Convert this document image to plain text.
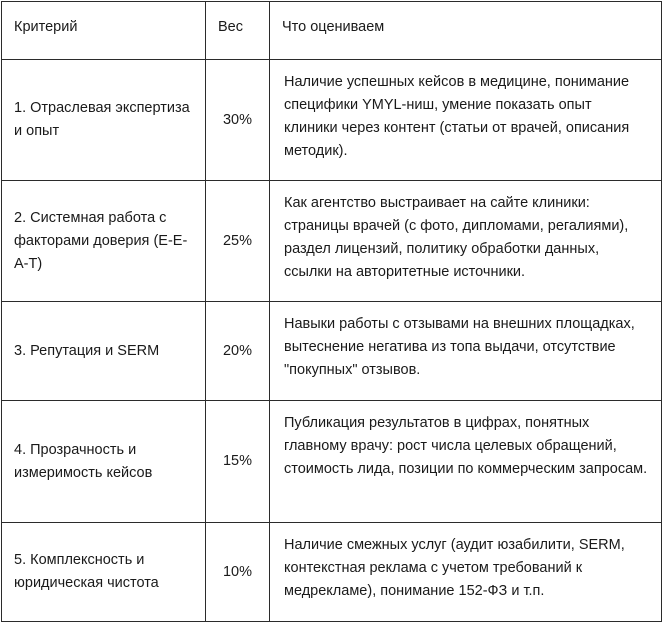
Критерий	Вес	Что оцениваем
1. Отраслевая экспертиза и опыт	30%	Наличие успешных кейсов в медицине, понимание специфики YMYL-ниш, умение показать опыт клиники через контент (статьи от врачей, описания методик).
2. Системная работа с факторами доверия (E-E-A-T)	25%	Как агентство выстраивает на сайте клиники: страницы врачей (с фото, дипломами, регалиями), раздел лицензий, политику обработки данных, ссылки на авторитетные источники.
3. Репутация и SERM	20%	Навыки работы с отзывами на внешних площадках, вытеснение негатива из топа выдачи, отсутствие "покупных" отзывов.
4. Прозрачность и измеримость кейсов	15%	Публикация результатов в цифрах, понятных главному врачу: рост числа целевых обращений, стоимость лида, позиции по коммерческим запросам.
5. Комплексность и юридическая чистота	10%	Наличие смежных услуг (аудит юзабилити, SERM, контекстная реклама с учетом требований к медрекламе), понимание 152-ФЗ и т.п.
